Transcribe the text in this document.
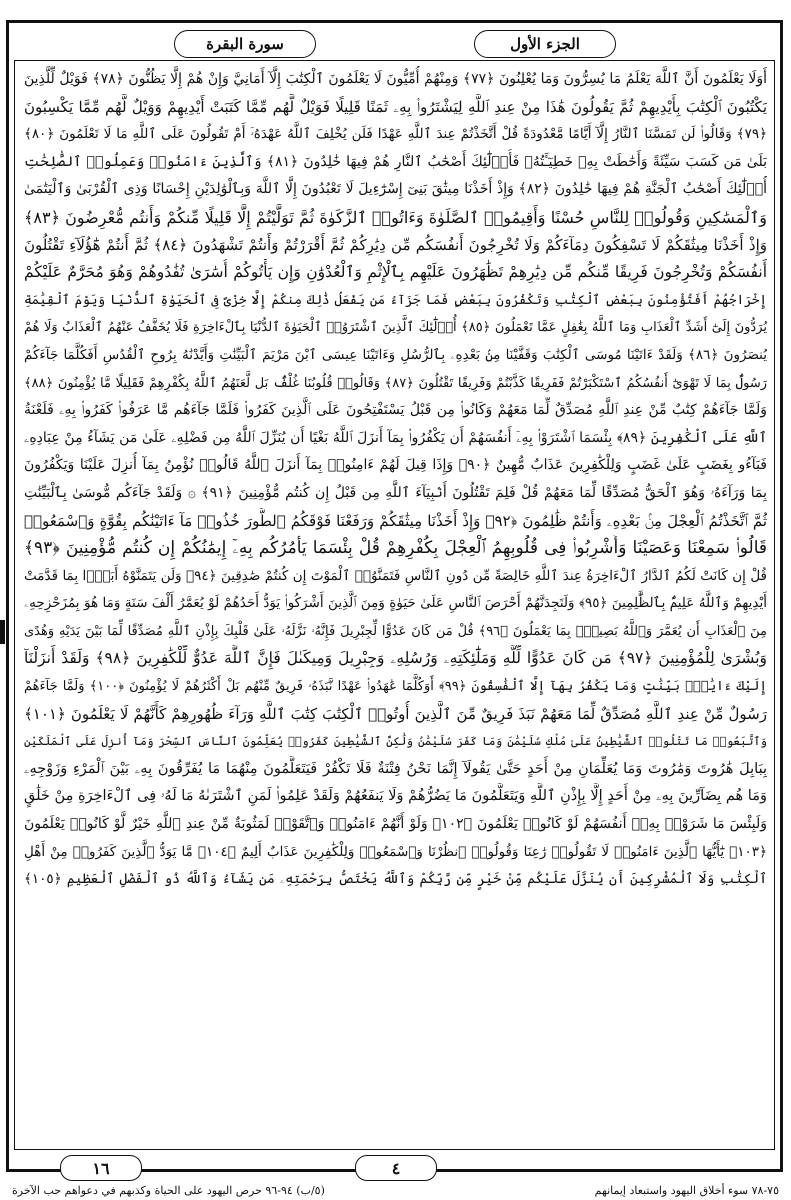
سورة البقرة	الجزء الأول
أَوَلَا يَعْلَمُونَ أَنَّ ٱللَّهَ يَعْلَمُ مَا يُسِرُّونَ وَمَا يُعْلِنُونَ ﴿٧٧﴾ وَمِنْهُمْ أُمِّيُّونَ لَا يَعْلَمُونَ ٱلْكِتَٰبَ إِلَّآ أَمَانِيَّ وَإِنْ هُمْ إِلَّا يَظُنُّونَ ﴿٧٨﴾ فَوَيْلٌ لِّلَّذِينَ
يَكْتُبُونَ ٱلْكِتَٰبَ بِأَيْدِيهِمْ ثُمَّ يَقُولُونَ هَٰذَا مِنْ عِندِ ٱللَّهِ لِيَشْتَرُوا۟ بِهِۦ ثَمَنًا قَلِيلًا فَوَيْلٌ لَّهُم مِّمَّا كَتَبَتْ أَيْدِيهِمْ وَوَيْلٌ لَّهُم مِّمَّا يَكْسِبُونَ
﴿٧٩﴾ وَقَالُوا۟ لَن تَمَسَّنَا ٱلنَّارُ إِلَّآ أَيَّامًا مَّعْدُودَةً قُلْ أَتَّخَذْتُمْ عِندَ ٱللَّهِ عَهْدًا فَلَن يُخْلِفَ ٱللَّهُ عَهْدَهُۥٓ أَمْ تَقُولُونَ عَلَى ٱللَّهِ مَا لَا تَعْلَمُونَ ﴿٨٠﴾
بَلَىٰ مَن كَسَبَ سَيِّئَةً وَأَحَٰطَتْ بِهِۦ خَطِيٓـَٔتُهُۥ فَأُو۟لَٰٓئِكَ أَصْحَٰبُ ٱلنَّارِ هُمْ فِيهَا خَٰلِدُونَ ﴿٨١﴾ وَٱلَّذِينَ ءَامَنُوا۟ وَعَمِلُوا۟ ٱلصَّٰلِحَٰتِ
أُو۟لَٰٓئِكَ أَصْحَٰبُ ٱلْجَنَّةِ هُمْ فِيهَا خَٰلِدُونَ ﴿٨٢﴾ وَإِذْ أَخَذْنَا مِيثَٰقَ بَنِىٓ إِسْرَٰٓءِيلَ لَا تَعْبُدُونَ إِلَّا ٱللَّهَ وَبِٱلْوَٰلِدَيْنِ إِحْسَانًا وَذِى ٱلْقُرْبَىٰ وَٱلْيَتَٰمَىٰ
وَٱلْمَسَٰكِينِ وَقُولُوا۟ لِلنَّاسِ حُسْنًا وَأَقِيمُوا۟ ٱلصَّلَوٰةَ وَءَاتُوا۟ ٱلزَّكَوٰةَ ثُمَّ تَوَلَّيْتُمْ إِلَّا قَلِيلًا مِّنكُمْ وَأَنتُم مُّعْرِضُونَ ﴿٨٣﴾
وَإِذْ أَخَذْنَا مِيثَٰقَكُمْ لَا تَسْفِكُونَ دِمَآءَكُمْ وَلَا تُخْرِجُونَ أَنفُسَكُم مِّن دِيَٰرِكُمْ ثُمَّ أَقْرَرْتُمْ وَأَنتُمْ تَشْهَدُونَ ﴿٨٤﴾ ثُمَّ أَنتُمْ هَٰٓؤُلَآءِ تَقْتُلُونَ
أَنفُسَكُمْ وَتُخْرِجُونَ فَرِيقًا مِّنكُم مِّن دِيَٰرِهِمْ تَظَٰهَرُونَ عَلَيْهِم بِٱلْإِثْمِ وَٱلْعُدْوَٰنِ وَإِن يَأْتُوكُمْ أُسَٰرَىٰ تُفَٰدُوهُمْ وَهُوَ مُحَرَّمٌ عَلَيْكُمْ
إِخْرَاجُهُمْ أَفَتُؤْمِنُونَ بِبَعْضِ ٱلْكِتَٰبِ وَتَكْفُرُونَ بِبَعْضٍ فَمَا جَزَآءُ مَن يَفْعَلُ ذَٰلِكَ مِنكُمْ إِلَّا خِزْىٌ فِى ٱلْحَيَوٰةِ ٱلدُّنْيَا وَيَوْمَ ٱلْقِيَٰمَةِ
يُرَدُّونَ إِلَىٰٓ أَشَدِّ ٱلْعَذَابِ وَمَا ٱللَّهُ بِغَٰفِلٍ عَمَّا تَعْمَلُونَ ﴿٨٥﴾ أُو۟لَٰٓئِكَ ٱلَّذِينَ ٱشْتَرَوُا۟ ٱلْحَيَوٰةَ ٱلدُّنْيَا بِٱلْءَاخِرَةِ فَلَا يُخَفَّفُ عَنْهُمُ ٱلْعَذَابُ وَلَا هُمْ
يُنصَرُونَ ﴿٨٦﴾ وَلَقَدْ ءَاتَيْنَا مُوسَى ٱلْكِتَٰبَ وَقَفَّيْنَا مِنۢ بَعْدِهِۦ بِٱلرُّسُلِ وَءَاتَيْنَا عِيسَى ٱبْنَ مَرْيَمَ ٱلْبَيِّنَٰتِ وَأَيَّدْنَٰهُ بِرُوحِ ٱلْقُدُسِ أَفَكُلَّمَا جَآءَكُمْ
رَسُولٌۢ بِمَا لَا تَهْوَىٰٓ أَنفُسُكُمُ ٱسْتَكْبَرْتُمْ فَفَرِيقًا كَذَّبْتُمْ وَفَرِيقًا تَقْتُلُونَ ﴿٨٧﴾ وَقَالُوا۟ قُلُوبُنَا غُلْفٌۢ بَل لَّعَنَهُمُ ٱللَّهُ بِكُفْرِهِمْ فَقَلِيلًا مَّا يُؤْمِنُونَ ﴿٨٨﴾
وَلَمَّا جَآءَهُمْ كِتَٰبٌ مِّنْ عِندِ ٱللَّهِ مُصَدِّقٌ لِّمَا مَعَهُمْ وَكَانُوا۟ مِن قَبْلُ يَسْتَفْتِحُونَ عَلَى ٱلَّذِينَ كَفَرُوا۟ فَلَمَّا جَآءَهُم مَّا عَرَفُوا۟ كَفَرُوا۟ بِهِۦ فَلَعْنَةُ
ٱللَّهِ عَلَى ٱلْكَٰفِرِينَ ﴿٨٩﴾ بِئْسَمَا ٱشْتَرَوْا۟ بِهِۦٓ أَنفُسَهُمْ أَن يَكْفُرُوا۟ بِمَآ أَنزَلَ ٱللَّهُ بَغْيًا أَن يُنَزِّلَ ٱللَّهُ مِن فَضْلِهِۦ عَلَىٰ مَن يَشَآءُ مِنْ عِبَادِهِۦ
فَبَآءُو بِغَضَبٍ عَلَىٰ غَضَبٍ وَلِلْكَٰفِرِينَ عَذَابٌ مُّهِينٌ ﴿٩٠﴾ وَإِذَا قِيلَ لَهُمْ ءَامِنُوا۟ بِمَآ أَنزَلَ ٱللَّهُ قَالُوا۟ نُؤْمِنُ بِمَآ أُنزِلَ عَلَيْنَا وَيَكْفُرُونَ
بِمَا وَرَآءَهُۥ وَهُوَ ٱلْحَقُّ مُصَدِّقًا لِّمَا مَعَهُمْ قُلْ فَلِمَ تَقْتُلُونَ أَنۢبِيَآءَ ٱللَّهِ مِن قَبْلُ إِن كُنتُم مُّؤْمِنِينَ ﴿٩١﴾ ۞ وَلَقَدْ جَآءَكُم مُّوسَىٰ بِٱلْبَيِّنَٰتِ
ثُمَّ ٱتَّخَذْتُمُ ٱلْعِجْلَ مِنۢ بَعْدِهِۦ وَأَنتُمْ ظَٰلِمُونَ ﴿٩٢﴾ وَإِذْ أَخَذْنَا مِيثَٰقَكُمْ وَرَفَعْنَا فَوْقَكُمُ ٱلطُّورَ خُذُوا۟ مَآ ءَاتَيْنَٰكُم بِقُوَّةٍ وَٱسْمَعُوا۟
قَالُوا۟ سَمِعْنَا وَعَصَيْنَا وَأُشْرِبُوا۟ فِى قُلُوبِهِمُ ٱلْعِجْلَ بِكُفْرِهِمْ قُلْ بِئْسَمَا يَأْمُرُكُم بِهِۦٓ إِيمَٰنُكُمْ إِن كُنتُم مُّؤْمِنِينَ ﴿٩٣﴾
قُلْ إِن كَانَتْ لَكُمُ ٱلدَّارُ ٱلْءَاخِرَةُ عِندَ ٱللَّهِ خَالِصَةً مِّن دُونِ ٱلنَّاسِ فَتَمَنَّوُا۟ ٱلْمَوْتَ إِن كُنتُمْ صَٰدِقِينَ ﴿٩٤﴾ وَلَن يَتَمَنَّوْهُ أَبَدًۢا بِمَا قَدَّمَتْ
أَيْدِيهِمْ وَٱللَّهُ عَلِيمٌۢ بِٱلظَّٰلِمِينَ ﴿٩٥﴾ وَلَتَجِدَنَّهُمْ أَحْرَصَ ٱلنَّاسِ عَلَىٰ حَيَوٰةٍ وَمِنَ ٱلَّذِينَ أَشْرَكُوا۟ يَوَدُّ أَحَدُهُمْ لَوْ يُعَمَّرُ أَلْفَ سَنَةٍ وَمَا هُوَ بِمُزَحْزِحِهِۦ
مِنَ ٱلْعَذَابِ أَن يُعَمَّرَ وَٱللَّهُ بَصِيرٌۢ بِمَا يَعْمَلُونَ ﴿٩٦﴾ قُلْ مَن كَانَ عَدُوًّا لِّجِبْرِيلَ فَإِنَّهُۥ نَزَّلَهُۥ عَلَىٰ قَلْبِكَ بِإِذْنِ ٱللَّهِ مُصَدِّقًا لِّمَا بَيْنَ يَدَيْهِ وَهُدًى
وَبُشْرَىٰ لِلْمُؤْمِنِينَ ﴿٩٧﴾ مَن كَانَ عَدُوًّا لِّلَّهِ وَمَلَٰٓئِكَتِهِۦ وَرُسُلِهِۦ وَجِبْرِيلَ وَمِيكَىٰلَ فَإِنَّ ٱللَّهَ عَدُوٌّ لِّلْكَٰفِرِينَ ﴿٩٨﴾ وَلَقَدْ أَنزَلْنَآ
إِلَيْكَ ءَايَٰتٍۭ بَيِّنَٰتٍ وَمَا يَكْفُرُ بِهَآ إِلَّا ٱلْفَٰسِقُونَ ﴿٩٩﴾ أَوَكُلَّمَا عَٰهَدُوا۟ عَهْدًا نَّبَذَهُۥ فَرِيقٌ مِّنْهُم بَلْ أَكْثَرُهُمْ لَا يُؤْمِنُونَ ﴿١٠٠﴾ وَلَمَّا جَآءَهُمْ
رَسُولٌ مِّنْ عِندِ ٱللَّهِ مُصَدِّقٌ لِّمَا مَعَهُمْ نَبَذَ فَرِيقٌ مِّنَ ٱلَّذِينَ أُوتُوا۟ ٱلْكِتَٰبَ كِتَٰبَ ٱللَّهِ وَرَآءَ ظُهُورِهِمْ كَأَنَّهُمْ لَا يَعْلَمُونَ ﴿١٠١﴾
وَٱتَّبَعُوا۟ مَا تَتْلُوا۟ ٱلشَّيَٰطِينُ عَلَىٰ مُلْكِ سُلَيْمَٰنَ وَمَا كَفَرَ سُلَيْمَٰنُ وَلَٰكِنَّ ٱلشَّيَٰطِينَ كَفَرُوا۟ يُعَلِّمُونَ ٱلنَّاسَ ٱلسِّحْرَ وَمَآ أُنزِلَ عَلَى ٱلْمَلَكَيْنِ
بِبَابِلَ هَٰرُوتَ وَمَٰرُوتَ وَمَا يُعَلِّمَانِ مِنْ أَحَدٍ حَتَّىٰ يَقُولَآ إِنَّمَا نَحْنُ فِتْنَةٌ فَلَا تَكْفُرْ فَيَتَعَلَّمُونَ مِنْهُمَا مَا يُفَرِّقُونَ بِهِۦ بَيْنَ ٱلْمَرْءِ وَزَوْجِهِۦ
وَمَا هُم بِضَآرِّينَ بِهِۦ مِنْ أَحَدٍ إِلَّا بِإِذْنِ ٱللَّهِ وَيَتَعَلَّمُونَ مَا يَضُرُّهُمْ وَلَا يَنفَعُهُمْ وَلَقَدْ عَلِمُوا۟ لَمَنِ ٱشْتَرَىٰهُ مَا لَهُۥ فِى ٱلْءَاخِرَةِ مِنْ خَلَٰقٍ
وَلَبِئْسَ مَا شَرَوْا۟ بِهِۦٓ أَنفُسَهُمْ لَوْ كَانُوا۟ يَعْلَمُونَ ﴿١٠٢﴾ وَلَوْ أَنَّهُمْ ءَامَنُوا۟ وَٱتَّقَوْا۟ لَمَثُوبَةٌ مِّنْ عِندِ ٱللَّهِ خَيْرٌ لَّوْ كَانُوا۟ يَعْلَمُونَ
﴿١٠٣﴾ يَٰٓأَيُّهَا ٱلَّذِينَ ءَامَنُوا۟ لَا تَقُولُوا۟ رَٰعِنَا وَقُولُوا۟ ٱنظُرْنَا وَٱسْمَعُوا۟ وَلِلْكَٰفِرِينَ عَذَابٌ أَلِيمٌ ﴿١٠٤﴾ مَّا يَوَدُّ ٱلَّذِينَ كَفَرُوا۟ مِنْ أَهْلِ
ٱلْكِتَٰبِ وَلَا ٱلْمُشْرِكِينَ أَن يُنَزَّلَ عَلَيْكُم مِّنْ خَيْرٍ مِّن رَّبِّكُمْ وَٱللَّهُ يَخْتَصُّ بِرَحْمَتِهِۦ مَن يَشَآءُ وَٱللَّهُ ذُو ٱلْفَضْلِ ٱلْعَظِيمِ ﴿١٠٥﴾
١٦	٤
٧٥-٧٨ سوء أخلاق اليهود واستبعاد إيمانهم
(٥/ب) ٩٤-٩٦ حرص اليهود على الحياة وكذبهم في دعواهم حب الآخرة
